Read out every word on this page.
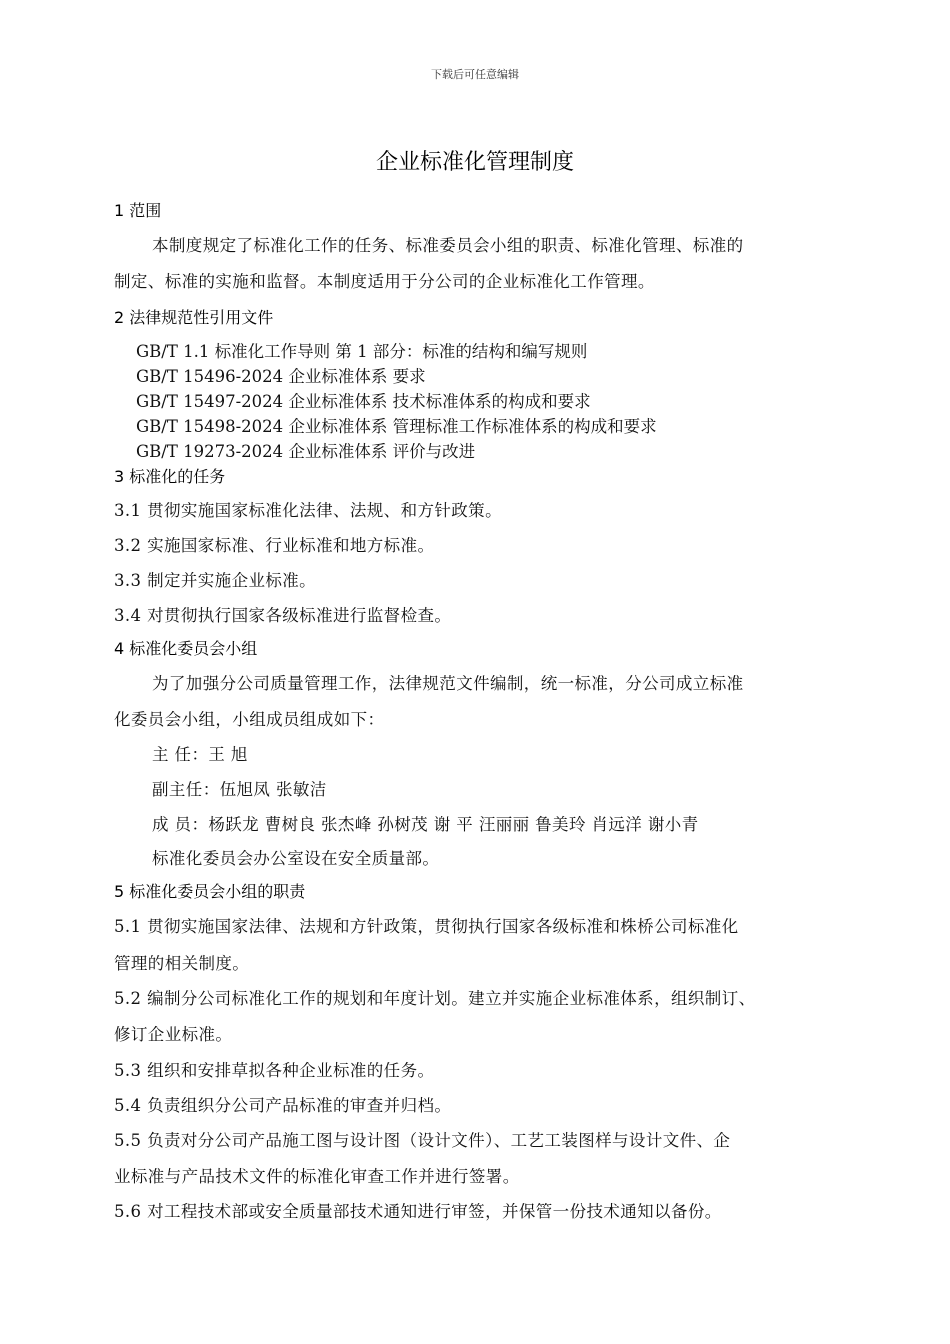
下载后可任意编辑
企业标准化管理制度
1 范围
本制度规定了标准化工作的任务、标准委员会小组的职责、标准化管理、标准的
制定、标准的实施和监督。本制度适用于分公司的企业标准化工作管理。
2 法律规范性引用文件
GB/T 1.1 标准化工作导则 第 1 部分：标准的结构和编写规则
GB/T 15496-2024 企业标准体系 要求
GB/T 15497-2024 企业标准体系 技术标准体系的构成和要求
GB/T 15498-2024 企业标准体系 管理标准工作标准体系的构成和要求
GB/T 19273-2024 企业标准体系 评价与改进
3 标准化的任务
3.1 贯彻实施国家标准化法律、法规、和方针政策。
3.2 实施国家标准、行业标准和地方标准。
3.3 制定并实施企业标准。
3.4 对贯彻执行国家各级标准进行监督检查。
4 标准化委员会小组
为了加强分公司质量管理工作，法律规范文件编制，统一标准，分公司成立标准
化委员会小组，小组成员组成如下：
主 任：王 旭
副主任：伍旭凤 张敏洁
成 员：杨跃龙 曹树良 张杰峰 孙树茂 谢 平 汪丽丽 鲁美玲 肖远洋 谢小青
标准化委员会办公室设在安全质量部。
5 标准化委员会小组的职责
5.1 贯彻实施国家法律、法规和方针政策，贯彻执行国家各级标准和株桥公司标准化
管理的相关制度。
5.2 编制分公司标准化工作的规划和年度计划。建立并实施企业标准体系，组织制订、
修订企业标准。
5.3 组织和安排草拟各种企业标准的任务。
5.4 负责组织分公司产品标准的审查并归档。
5.5 负责对分公司产品施工图与设计图（设计文件）、工艺工装图样与设计文件、企
业标准与产品技术文件的标准化审查工作并进行签署。
5.6 对工程技术部或安全质量部技术通知进行审签，并保管一份技术通知以备份。
